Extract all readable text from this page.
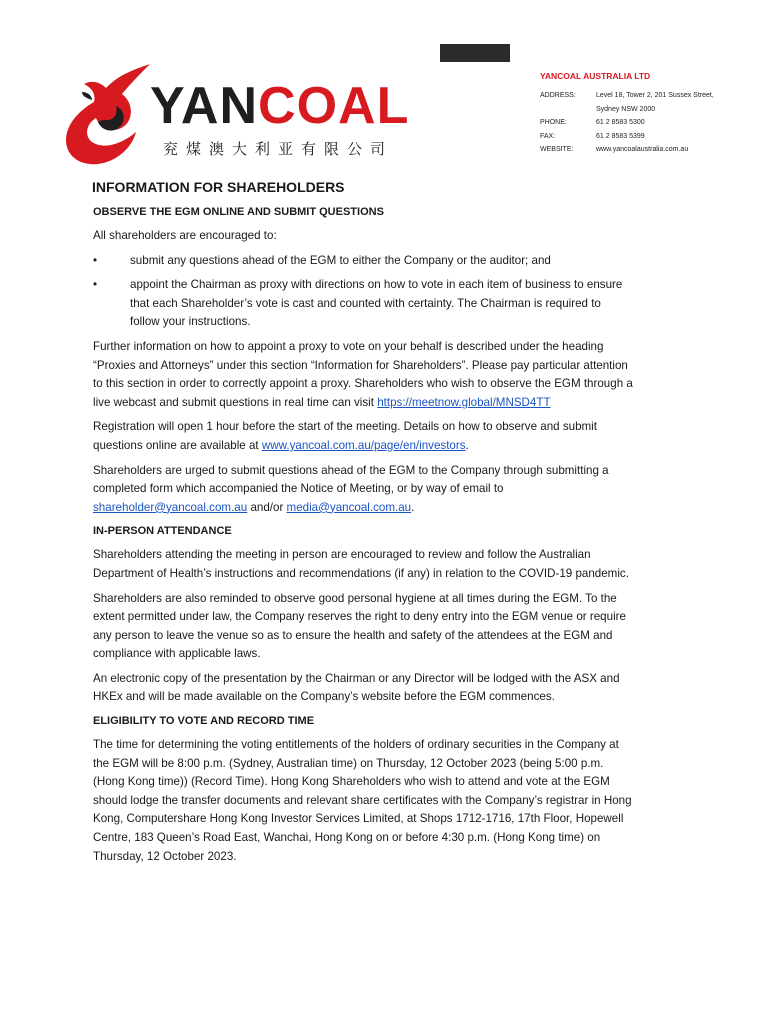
YANCOAL
兖煤澳大利亚有限公司
YANCOAL AUSTRALIA LTD
ADDRESS:	Level 18, Tower 2, 201 Sussex Street,
Sydney NSW 2000
PHONE:	61 2 8583 5300
FAX:	61 2 8583 5399
WEBSITE:	www.yancoalaustralia.com.au
INFORMATION FOR SHAREHOLDERS
OBSERVE THE EGM ONLINE AND SUBMIT QUESTIONS

All shareholders are encouraged to:

•	submit any questions ahead of the EGM to either the Company or the auditor; and
•	appoint the Chairman as proxy with directions on how to vote in each item of business to ensure that each Shareholder’s vote is cast and counted with certainty. The Chairman is required to follow your instructions.

Further information on how to appoint a proxy to vote on your behalf is described under the heading “Proxies and Attorneys” under this section “Information for Shareholders”. Please pay particular attention to this section in order to correctly appoint a proxy. Shareholders who wish to observe the EGM through a live webcast and submit questions in real time can visit https://meetnow.global/MNSD4TT

Registration will open 1 hour before the start of the meeting. Details on how to observe and submit questions online are available at www.yancoal.com.au/page/en/investors.

Shareholders are urged to submit questions ahead of the EGM to the Company through submitting a completed form which accompanied the Notice of Meeting, or by way of email to shareholder@yancoal.com.au and/or media@yancoal.com.au.

IN-PERSON ATTENDANCE

Shareholders attending the meeting in person are encouraged to review and follow the Australian Department of Health’s instructions and recommendations (if any) in relation to the COVID-19 pandemic.

Shareholders are also reminded to observe good personal hygiene at all times during the EGM. To the extent permitted under law, the Company reserves the right to deny entry into the EGM venue or require any person to leave the venue so as to ensure the health and safety of the attendees at the EGM and compliance with applicable laws.

An electronic copy of the presentation by the Chairman or any Director will be lodged with the ASX and HKEx and will be made available on the Company’s website before the EGM commences.

ELIGIBILITY TO VOTE AND RECORD TIME

The time for determining the voting entitlements of the holders of ordinary securities in the Company at the EGM will be 8:00 p.m. (Sydney, Australian time) on Thursday, 12 October 2023 (being 5:00 p.m. (Hong Kong time)) (Record Time). Hong Kong Shareholders who wish to attend and vote at the EGM should lodge the transfer documents and relevant share certificates with the Company’s registrar in Hong Kong, Computershare Hong Kong Investor Services Limited, at Shops 1712-1716, 17th Floor, Hopewell Centre, 183 Queen’s Road East, Wanchai, Hong Kong on or before 4:30 p.m. (Hong Kong time) on Thursday, 12 October 2023.
